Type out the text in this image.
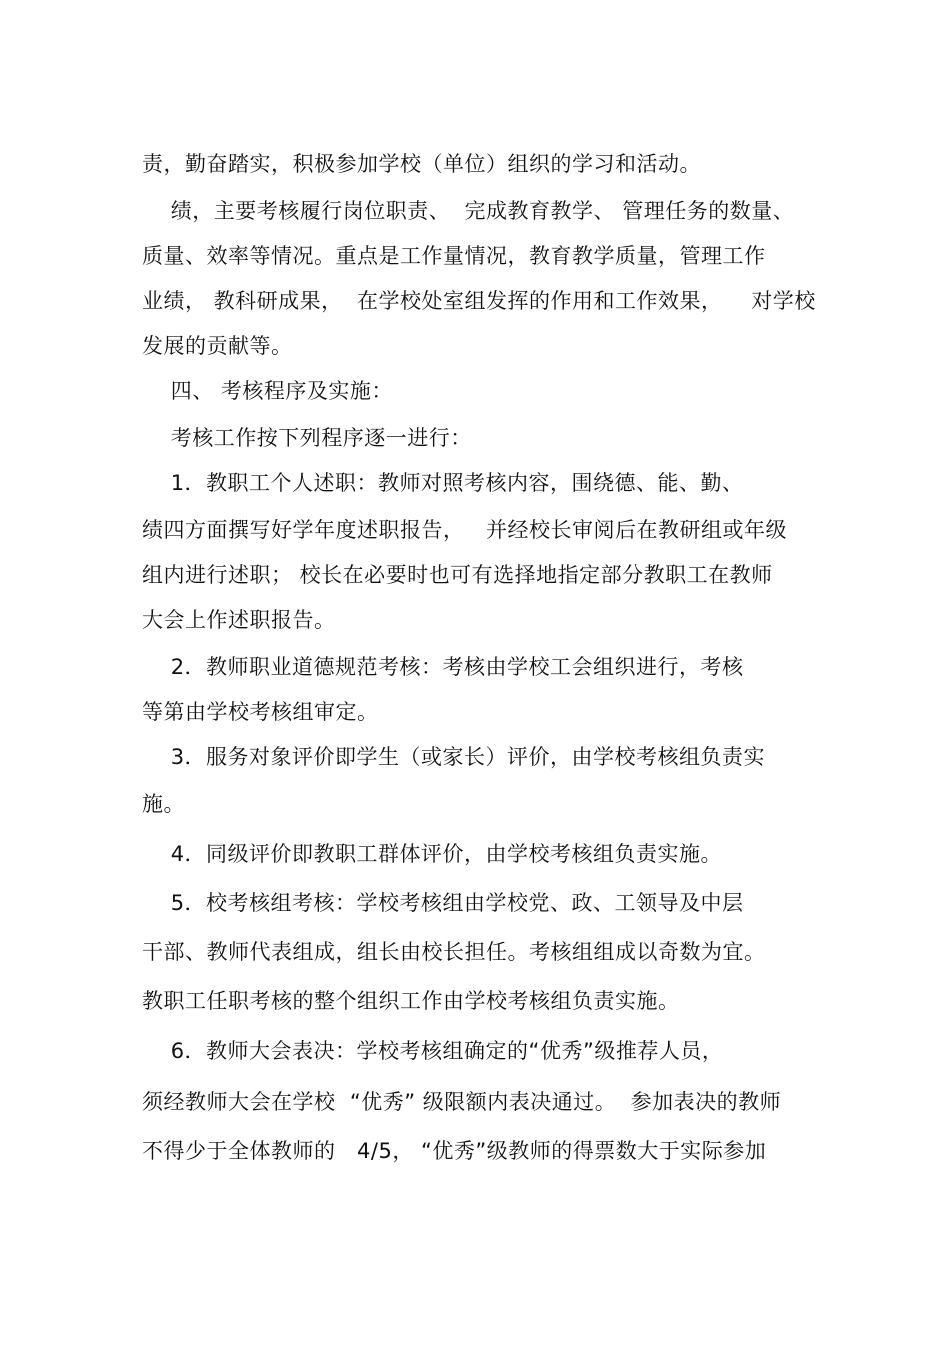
责，勤奋踏实，积极参加学校（单位）组织的学习和活动。
绩，主要考核履行岗位职责、  完成教育教学、 管理任务的数量、
质量、效率等情况。重点是工作量情况，教育教学质量，管理工作
业绩， 教科研成果，  在学校处室组发挥的作用和工作效果，    对学校
发展的贡献等。
四、 考核程序及实施：
考核工作按下列程序逐一进行：
1．教职工个人述职：教师对照考核内容，围绕德、能、勤、
绩四方面撰写好学年度述职报告，   并经校长审阅后在教研组或年级
组内进行述职； 校长在必要时也可有选择地指定部分教职工在教师
大会上作述职报告。
2．教师职业道德规范考核：考核由学校工会组织进行，考核
等第由学校考核组审定。
3．服务对象评价即学生（或家长）评价，由学校考核组负责实
施。
4．同级评价即教职工群体评价，由学校考核组负责实施。
5．校考核组考核：学校考核组由学校党、政、工领导及中层
干部、教师代表组成，组长由校长担任。考核组组成以奇数为宜。
教职工任职考核的整个组织工作由学校考核组负责实施。
6．教师大会表决：学校考核组确定的“优秀”级推荐人员，
须经教师大会在学校  “优秀” 级限额内表决通过。  参加表决的教师
不得少于全体教师的   4/5， “优秀”级教师的得票数大于实际参加
